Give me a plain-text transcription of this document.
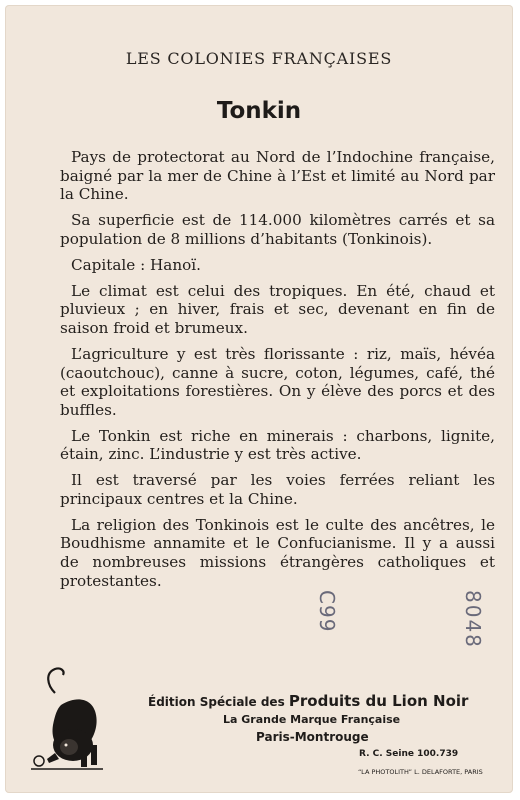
LES COLONIES FRANÇAISES
Tonkin

Pays de protectorat au Nord de l’Indochine française, baigné par la mer de Chine à l’Est et limité au Nord par la Chine.

Sa superficie est de 114.000 kilomètres carrés et sa population de 8 millions d’habitants (Tonkinois).

Capitale : Hanoï.

Le climat est celui des tropiques. En été, chaud et pluvieux ; en hiver, frais et sec, devenant en fin de saison froid et brumeux.

L’agriculture y est très florissante : riz, maïs, hévéa (caoutchouc), canne à sucre, coton, légumes, café, thé et exploitations forestières. On y élève des porcs et des buffles.

Le Tonkin est riche en minerais : charbons, lignite, étain, zinc. L’industrie y est très active.

Il est traversé par les voies ferrées reliant les principaux centres et la Chine.

La religion des Tonkinois est le culte des ancêtres, le Boudhisme annamite et le Confucianisme. Il y a aussi de nombreuses missions étrangères catholiques et protestantes.

C99	8048
Édition Spéciale des Produits du Lion Noir
La Grande Marque Française
Paris-Montrouge
R. C. Seine 100.739
“LA PHOTOLITH” L. DELAFORTE, PARIS
